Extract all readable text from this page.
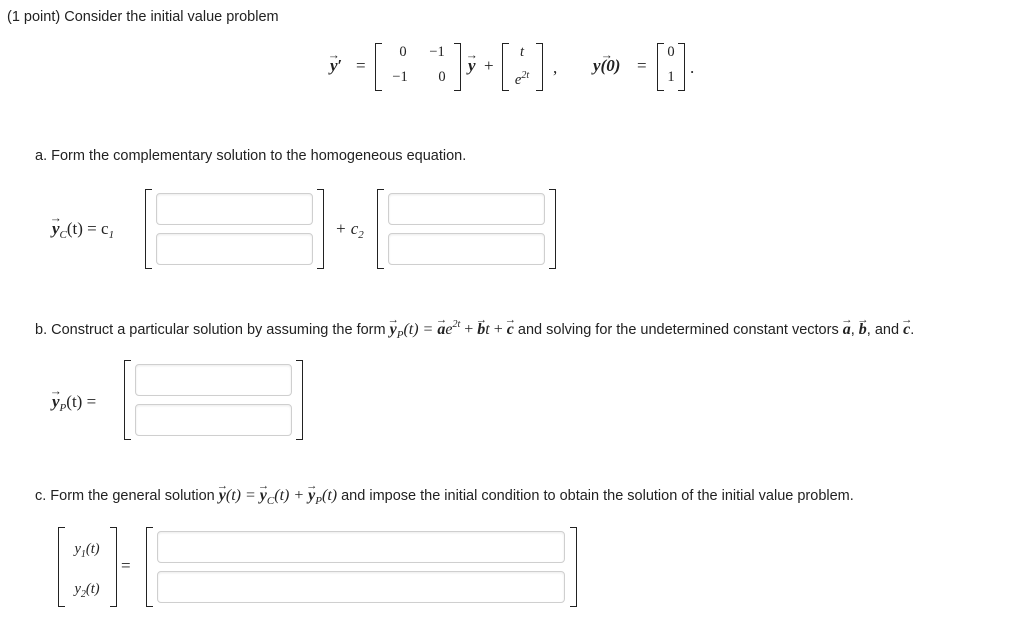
(1 point) Consider the initial value problem
→ y′ =
0	−1
−1	0
→ y +
t
$e^{2t}$	,
→ y(0) =
0
1 .
a. Form the complementary solution to the homogeneous equation.
→ $y_C(t) = c_1$	+ $c_2$
b. Construct a particular solution by assuming the form → $y_P(t)$ = → $ae^{2t}$ + → bt + → c and solving for the undetermined constant vectors → a, → b, and → c.
→ $y_P(t)$ =
c. Form the general solution → y(t) = → $y_C(t)$ + → $y_P(t)$ and impose the initial condition to obtain the solution of the initial value problem.
$y_1(t)$
$y_2(t)$
=
